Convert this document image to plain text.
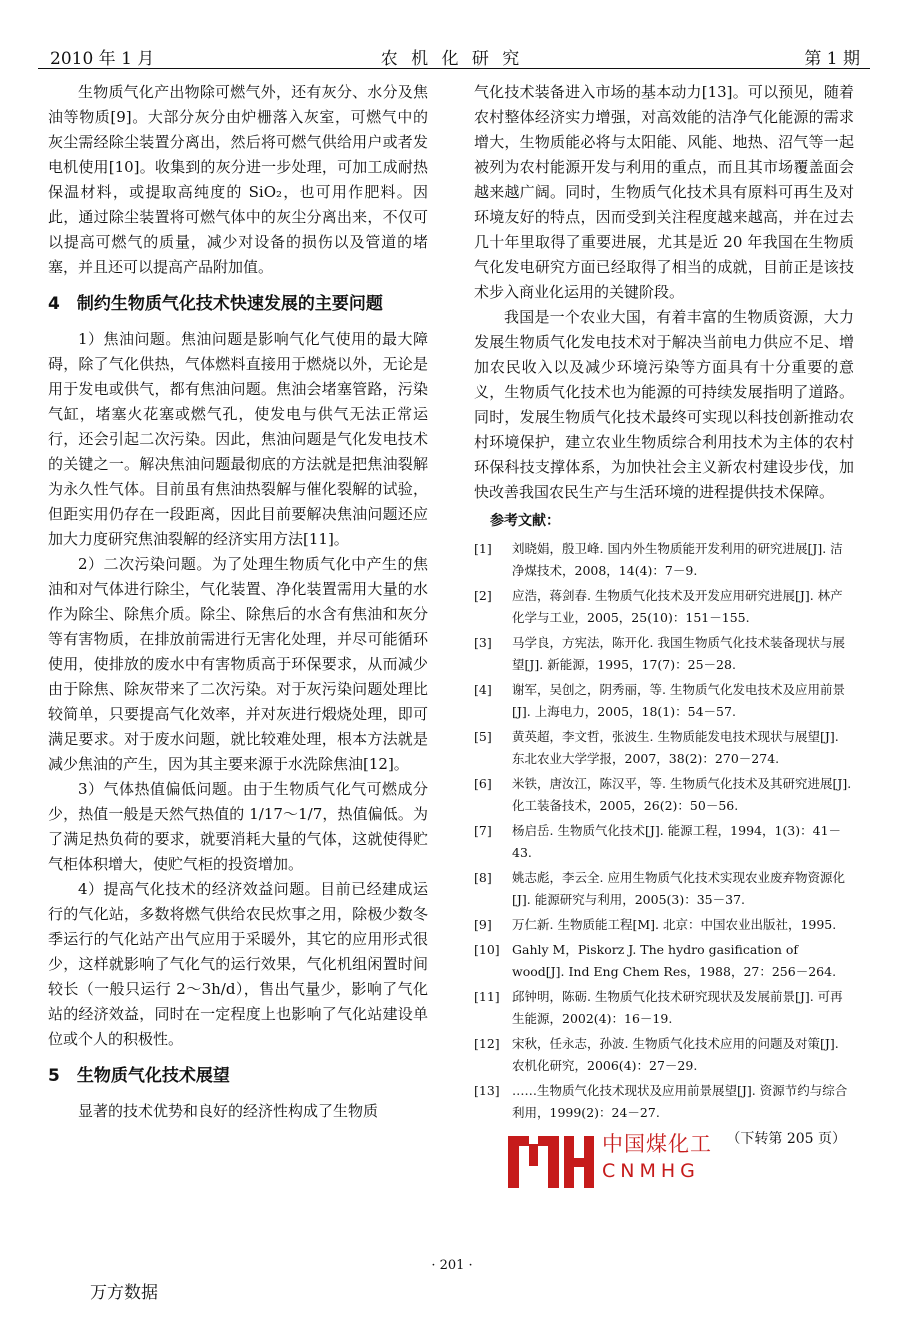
2010 年 1 月	农 机 化 研 究	第 1 期

生物质气化产出物除可燃气外，还有灰分、水分及焦油等物质[9]。大部分灰分由炉栅落入灰室，可燃气中的灰尘需经除尘装置分离出，然后将可燃气供给用户或者发电机使用[10]。收集到的灰分进一步处理，可加工成耐热保温材料，或提取高纯度的 SiO₂，也可用作肥料。因此，通过除尘装置将可燃气体中的灰尘分离出来，不仅可以提高可燃气的质量，减少对设备的损伤以及管道的堵塞，并且还可以提高产品附加值。

4　制约生物质气化技术快速发展的主要问题

1）焦油问题。焦油问题是影响气化气使用的最大障碍，除了气化供热，气体燃料直接用于燃烧以外，无论是用于发电或供气，都有焦油问题。焦油会堵塞管路，污染气缸，堵塞火花塞或燃气孔，使发电与供气无法正常运行，还会引起二次污染。因此，焦油问题是气化发电技术的关键之一。解决焦油问题最彻底的方法就是把焦油裂解为永久性气体。目前虽有焦油热裂解与催化裂解的试验，但距实用仍存在一段距离，因此目前要解决焦油问题还应加大力度研究焦油裂解的经济实用方法[11]。

2）二次污染问题。为了处理生物质气化中产生的焦油和对气体进行除尘，气化装置、净化装置需用大量的水作为除尘、除焦介质。除尘、除焦后的水含有焦油和灰分等有害物质，在排放前需进行无害化处理，并尽可能循环使用，使排放的废水中有害物质高于环保要求，从而减少由于除焦、除灰带来了二次污染。对于灰污染问题处理比较简单，只要提高气化效率，并对灰进行煅烧处理，即可满足要求。对于废水问题，就比较难处理，根本方法就是减少焦油的产生，因为其主要来源于水洗除焦油[12]。

3）气体热值偏低问题。由于生物质气化气可燃成分少，热值一般是天然气热值的 1/17～1/7，热值偏低。为了满足热负荷的要求，就要消耗大量的气体，这就使得贮气柜体积增大，使贮气柜的投资增加。

4）提高气化技术的经济效益问题。目前已经建成运行的气化站，多数将燃气供给农民炊事之用，除极少数冬季运行的气化站产出气应用于采暖外，其它的应用形式很少，这样就影响了气化气的运行效果，气化机组闲置时间较长（一般只运行 2～3h/d），售出气量少，影响了气化站的经济效益，同时在一定程度上也影响了气化站建设单位或个人的积极性。

5　生物质气化技术展望

显著的技术优势和良好的经济性构成了生物质

气化技术装备进入市场的基本动力[13]。可以预见，随着农村整体经济实力增强，对高效能的洁净气化能源的需求增大，生物质能必将与太阳能、风能、地热、沼气等一起被列为农村能源开发与利用的重点，而且其市场覆盖面会越来越广阔。同时，生物质气化技术具有原料可再生及对环境友好的特点，因而受到关注程度越来越高，并在过去几十年里取得了重要进展，尤其是近 20 年我国在生物质气化发电研究方面已经取得了相当的成就，目前正是该技术步入商业化运用的关键阶段。

我国是一个农业大国，有着丰富的生物质资源，大力发展生物质气化发电技术对于解决当前电力供应不足、增加农民收入以及减少环境污染等方面具有十分重要的意义，生物质气化技术也为能源的可持续发展指明了道路。同时，发展生物质气化技术最终可实现以科技创新推动农村环境保护，建立农业生物质综合利用技术为主体的农村环保科技支撑体系，为加快社会主义新农村建设步伐，加快改善我国农民生产与生活环境的进程提供技术保障。

参考文献：
[1]	刘晓娟，殷卫峰. 国内外生物质能开发利用的研究进展[J]. 洁净煤技术，2008，14(4)：7－9.
[2]	应浩，蒋剑春. 生物质气化技术及开发应用研究进展[J]. 林产化学与工业，2005，25(10)：151－155.
[3]	马学良，方宪法，陈开化. 我国生物质气化技术装备现状与展望[J]. 新能源，1995，17(7)：25－28.
[4]	谢军，吴创之，阴秀丽，等. 生物质气化发电技术及应用前景[J]. 上海电力，2005，18(1)：54－57.
[5]	黄英超，李文哲，张波生. 生物质能发电技术现状与展望[J]. 东北农业大学学报，2007，38(2)：270－274.
[6]	米铁，唐汝江，陈汉平，等. 生物质气化技术及其研究进展[J]. 化工装备技术，2005，26(2)：50－56.
[7]	杨启岳. 生物质气化技术[J]. 能源工程，1994，1(3)：41－43.
[8]	姚志彪，李云全. 应用生物质气化技术实现农业废弃物资源化[J]. 能源研究与利用，2005(3)：35－37.
[9]	万仁新. 生物质能工程[M]. 北京：中国农业出版社，1995.
[10] Gahly M，Piskorz J. The hydro gasification of wood[J]. Ind Eng Chem Res，1988，27：256－264.
[11] 邱钟明，陈砺. 生物质气化技术研究现状及发展前景[J]. 可再生能源，2002(4)：16－19.
[12] 宋秋，任永志，孙波. 生物质气化技术应用的问题及对策[J]. 农机化研究，2006(4)：27－29.
[13] ……生物质气化技术现状及应用前景展望[J]. 资源节约与综合利用，1999(2)：24－27.
（下转第 205 页）
中国煤化工
CNMHG
· 201 ·
万方数据
